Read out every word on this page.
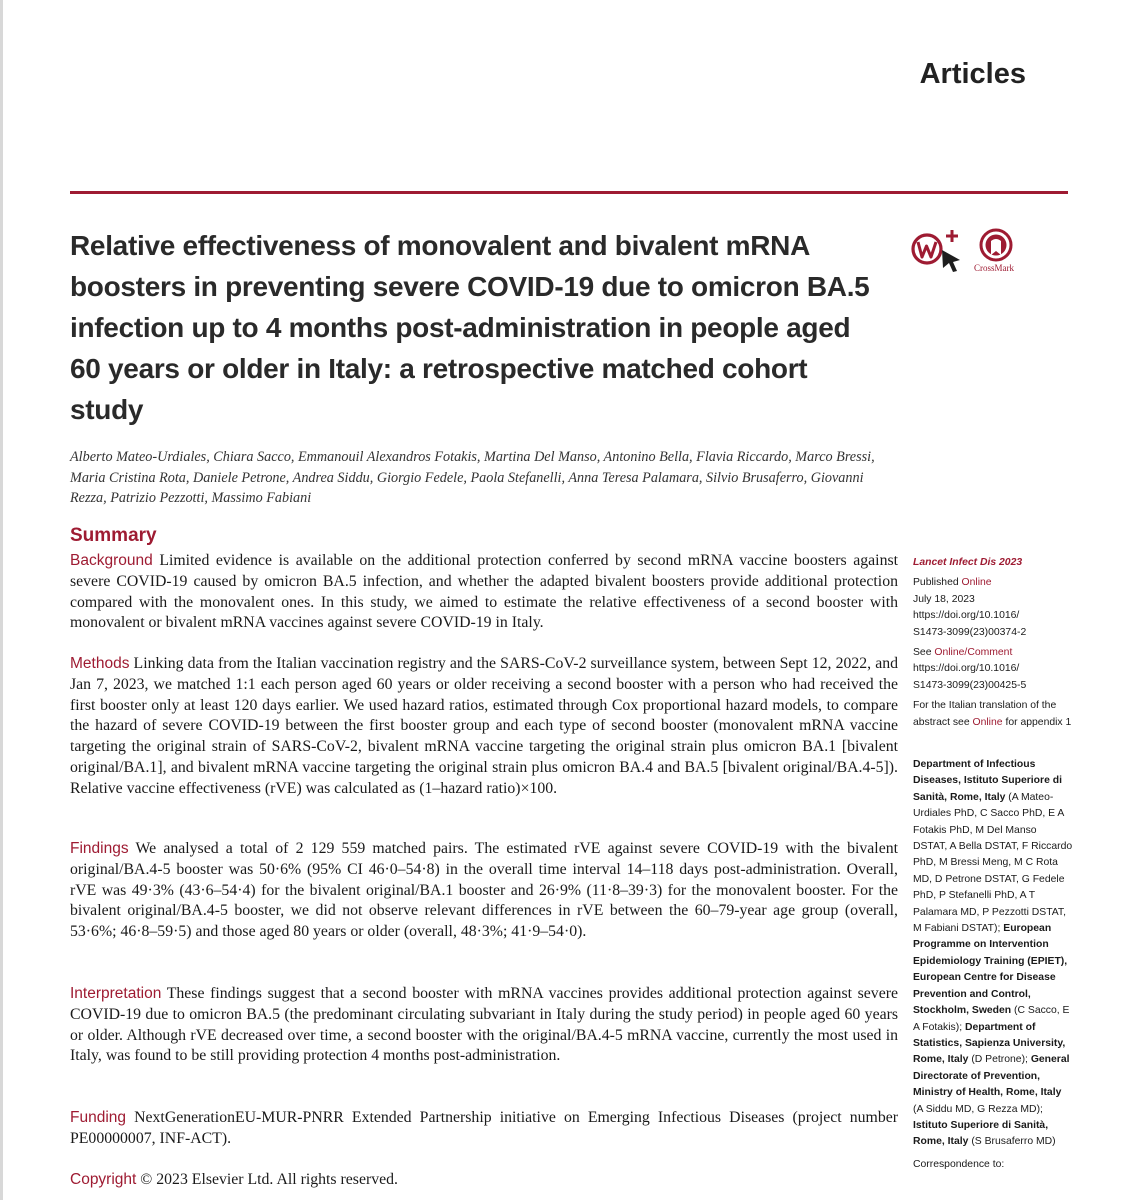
Articles
Relative effectiveness of monovalent and bivalent mRNA boosters in preventing severe COVID-19 due to omicron BA.5 infection up to 4 months post-administration in people aged 60 years or older in Italy: a retrospective matched cohort study
CrossMark

Alberto Mateo-Urdiales, Chiara Sacco, Emmanouil Alexandros Fotakis, Martina Del Manso, Antonino Bella, Flavia Riccardo, Marco Bressi, Maria Cristina Rota, Daniele Petrone, Andrea Siddu, Giorgio Fedele, Paola Stefanelli, Anna Teresa Palamara, Silvio Brusaferro, Giovanni Rezza, Patrizio Pezzotti, Massimo Fabiani

Summary

Background Limited evidence is available on the additional protection conferred by second mRNA vaccine boosters against severe COVID-19 caused by omicron BA.5 infection, and whether the adapted bivalent boosters provide additional protection compared with the monovalent ones. In this study, we aimed to estimate the relative effectiveness of a second booster with monovalent or bivalent mRNA vaccines against severe COVID-19 in Italy.

Methods Linking data from the Italian vaccination registry and the SARS-CoV-2 surveillance system, between Sept 12, 2022, and Jan 7, 2023, we matched 1:1 each person aged 60 years or older receiving a second booster with a person who had received the first booster only at least 120 days earlier. We used hazard ratios, estimated through Cox proportional hazard models, to compare the hazard of severe COVID-19 between the first booster group and each type of second booster (monovalent mRNA vaccine targeting the original strain of SARS-CoV-2, bivalent mRNA vaccine targeting the original strain plus omicron BA.1 [bivalent original/BA.1], and bivalent mRNA vaccine targeting the original strain plus omicron BA.4 and BA.5 [bivalent original/BA.4-5]). Relative vaccine effectiveness (rVE) was calculated as (1–hazard ratio)×100.

Findings We analysed a total of 2 129 559 matched pairs. The estimated rVE against severe COVID-19 with the bivalent original/BA.4-5 booster was 50·6% (95% CI 46·0–54·8) in the overall time interval 14–118 days post-administration. Overall, rVE was 49·3% (43·6–54·4) for the bivalent original/BA.1 booster and 26·9% (11·8–39·3) for the monovalent booster. For the bivalent original/BA.4-5 booster, we did not observe relevant differences in rVE between the 60–79-year age group (overall, 53·6%; 46·8–59·5) and those aged 80 years or older (overall, 48·3%; 41·9–54·0).

Interpretation These findings suggest that a second booster with mRNA vaccines provides additional protection against severe COVID-19 due to omicron BA.5 (the predominant circulating subvariant in Italy during the study period) in people aged 60 years or older. Although rVE decreased over time, a second booster with the original/BA.4-5 mRNA vaccine, currently the most used in Italy, was found to be still providing protection 4 months post-administration.

Funding NextGenerationEU-MUR-PNRR Extended Partnership initiative on Emerging Infectious Diseases (project number PE00000007, INF-ACT).

Copyright © 2023 Elsevier Ltd. All rights reserved.

Lancet Infect Dis 2023

Published Online

July 18, 2023

https://doi.org/10.1016/

S1473-3099(23)00374-2

See Online/Comment

https://doi.org/10.1016/

S1473-3099(23)00425-5

For the Italian translation of the abstract see Online for appendix 1

Department of Infectious Diseases, Istituto Superiore di Sanità, Rome, Italy (A Mateo-Urdiales PhD, C Sacco PhD, E A Fotakis PhD, M Del Manso DSTAT, A Bella DSTAT, F Riccardo PhD, M Bressi Meng, M C Rota MD, D Petrone DSTAT, G Fedele PhD, P Stefanelli PhD, A T Palamara MD, P Pezzotti DSTAT, M Fabiani DSTAT); European Programme on Intervention Epidemiology Training (EPIET), European Centre for Disease Prevention and Control, Stockholm, Sweden (C Sacco, E A Fotakis); Department of Statistics, Sapienza University, Rome, Italy (D Petrone); General Directorate of Prevention, Ministry of Health, Rome, Italy (A Siddu MD, G Rezza MD); Istituto Superiore di Sanità, Rome, Italy (S Brusaferro MD)

Correspondence to:
